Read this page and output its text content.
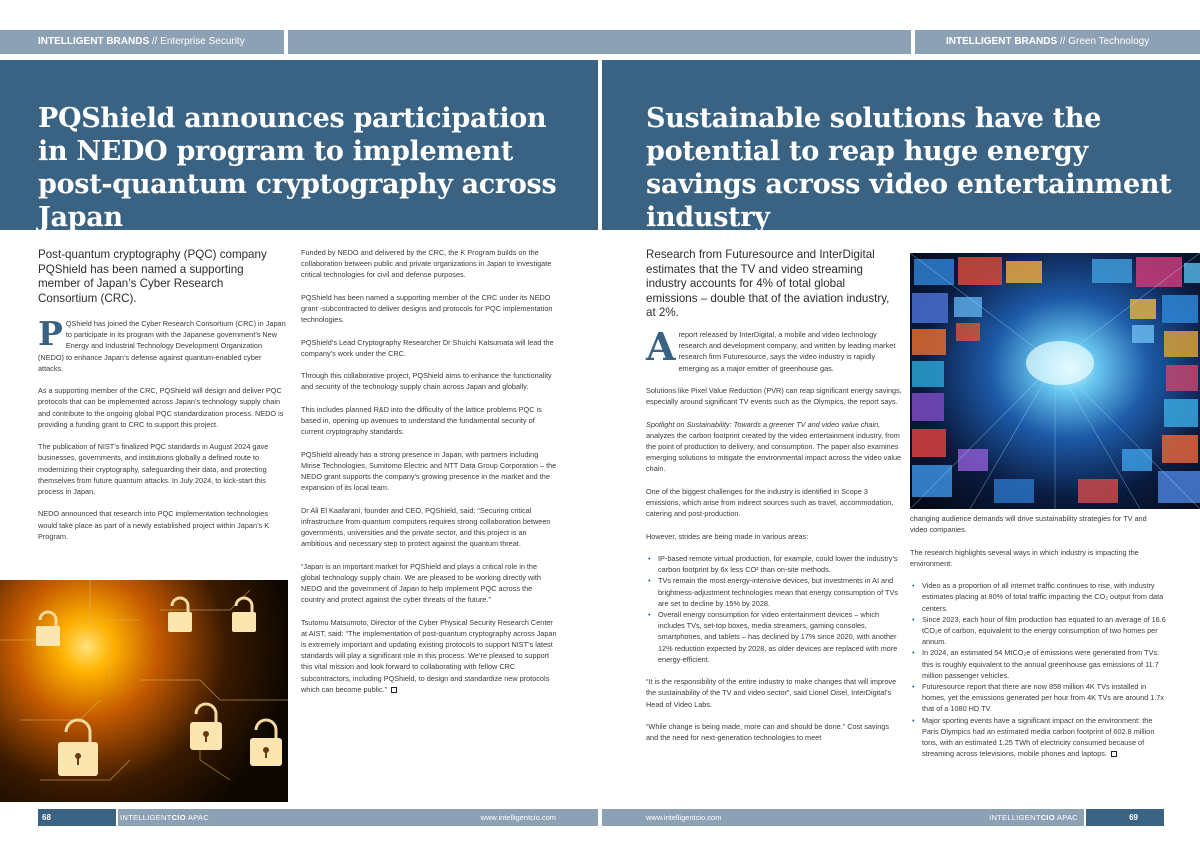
INTELLIGENT BRANDS // Enterprise Security	INTELLIGENT BRANDS // Green Technology
PQShield announces participation in NEDO program to implement post-quantum cryptography across Japan
Sustainable solutions have the potential to reap huge energy savings across video entertainment industry
Post-quantum cryptography (PQC) company PQShield has been named a supporting member of Japan’s Cyber Research Consortium (CRC).

P QShield has joined the Cyber Research Consortium (CRC) in Japan to participate in its program with the Japanese government’s New Energy and Industrial Technology Development Organization (NEDO) to enhance Japan’s defense against quantum-enabled cyber attacks.

As a supporting member of the CRC, PQShield will design and deliver PQC protocols that can be implemented across Japan’s technology supply chain and contribute to the ongoing global PQC standardization process. NEDO is providing a funding grant to CRC to support this project.

The publication of NIST’s finalized PQC standards in August 2024 gave businesses, governments, and institutions globally a defined route to modernizing their cryptography, safeguarding their data, and protecting themselves from future quantum attacks. In July 2024, to kick-start this process in Japan,

NEDO announced that research into PQC implementation technologies would take place as part of a newly established project within Japan’s K Program.

Funded by NEDO and delivered by the CRC, the K Program builds on the collaboration between public and private organizations in Japan to investigate critical technologies for civil and defense purposes.

PQShield has been named a supporting member of the CRC under its NEDO grant -subcontracted to deliver designs and protocols for PQC implementation technologies.

PQShield’s Lead Cryptography Researcher Dr Shuichi Katsumata will lead the company’s work under the CRC.

Through this collaborative project, PQShield aims to enhance the functionality and security of the technology supply chain across Japan and globally.

This includes planned R&D into the difficulty of the lattice problems PQC is based in, opening up avenues to understand the fundamental security of current cryptography standards.

PQShield already has a strong presence in Japan, with partners including Mirise Technologies, Sumitomo Electric and NTT Data Group Corporation – the NEDO grant supports the company’s growing presence in the market and the expansion of its local team.

Dr Ali El Kaafarani, founder and CEO, PQShield, said: “Securing critical infrastructure from quantum computers requires strong collaboration between governments, universities and the private sector, and this project is an ambitious and necessary step to protect against the quantum threat.

“Japan is an important market for PQShield and plays a critical role in the global technology supply chain. We are pleased to be working directly with NEDO and the government of Japan to help implement PQC across the country and protect against the cyber threats of the future.”

Tsutomu Matsumoto, Director of the Cyber Physical Security Research Center at AIST, said: “The implementation of post-quantum cryptography across Japan is extremely important and updating existing protocols to support NIST’s latest standards will play a significant role in this process. We’re pleased to support this vital mission and look forward to collaborating with fellow CRC subcontractors, including PQShield, to design and standardize new protocols which can become public.”

Research from Futuresource and InterDigital estimates that the TV and video streaming industry accounts for 4% of total global emissions – double that of the aviation industry, at 2%.

A report released by InterDigital, a mobile and video technology research and development company, and written by leading market research firm Futuresource, says the video industry is rapidly emerging as a major emitter of greenhouse gas.

Solutions like Pixel Value Reduction (PVR) can reap significant energy savings, especially around significant TV events such as the Olympics, the report says.

Spotlight on Sustainability: Towards a greener TV and video value chain, analyzes the carbon footprint created by the video entertainment industry, from the point of production to delivery, and consumption. The paper also examines emerging solutions to mitigate the environmental impact across the video value chain.

One of the biggest challenges for the industry is identified in Scope 3 emissions, which arise from indirect sources such as travel, accommodation, catering and post-production.

However, strides are being made in various areas:

• IP-based remote virtual production, for example, could lower the industry’s carbon footprint by 6x less CO² than on-site methods.
• TVs remain the most energy-intensive devices, but investments in AI and brightness-adjustment technologies mean that energy consumption of TVs are set to decline by 15% by 2028.
• Overall energy consumption for video entertainment devices – which includes TVs, set-top boxes, media streamers, gaming consoles, smartphones, and tablets – has declined by 17% since 2020, with another 12% reduction expected by 2028, as older devices are replaced with more energy-efficient.

“It is the responsibility of the entire industry to make changes that will improve the sustainability of the TV and video sector”, said Lionel Oisel, InterDigital’s Head of Video Labs.

“While change is being made, more can and should be done.” Cost savings and the need for next-generation technologies to meet

changing audience demands will drive sustainability strategies for TV and video companies.

The research highlights several ways in which industry is impacting the environment:

• Video as a proportion of all internet traffic continues to rise, with industry estimates placing at 80% of total traffic impacting the CO₂ output from data centers.
• Since 2023, each hour of film production has equated to an average of 16.6 tCO₂e of carbon, equivalent to the energy consumption of two homes per annum.
• In 2024, an estimated 54 MtCO₂e of emissions were generated from TVs: this is roughly equivalent to the annual greenhouse gas emissions of 11.7 million passenger vehicles.
• Futuresource report that there are now 858 million 4K TVs installed in homes, yet the emissions generated per hour from 4K TVs are around 1.7x that of a 1080 HD TV.
• Major sporting events have a significant impact on the environment: the Paris Olympics had an estimated media carbon footprint of 602.8 million tons, with an estimated 1.25 TWh of electricity consumed because of streaming across televisions, mobile phones and laptops.
68	INTELLIGENTCIO APAC	www.intelligentcio.com	www.intelligentcio.com	INTELLIGENTCIO APAC	69
